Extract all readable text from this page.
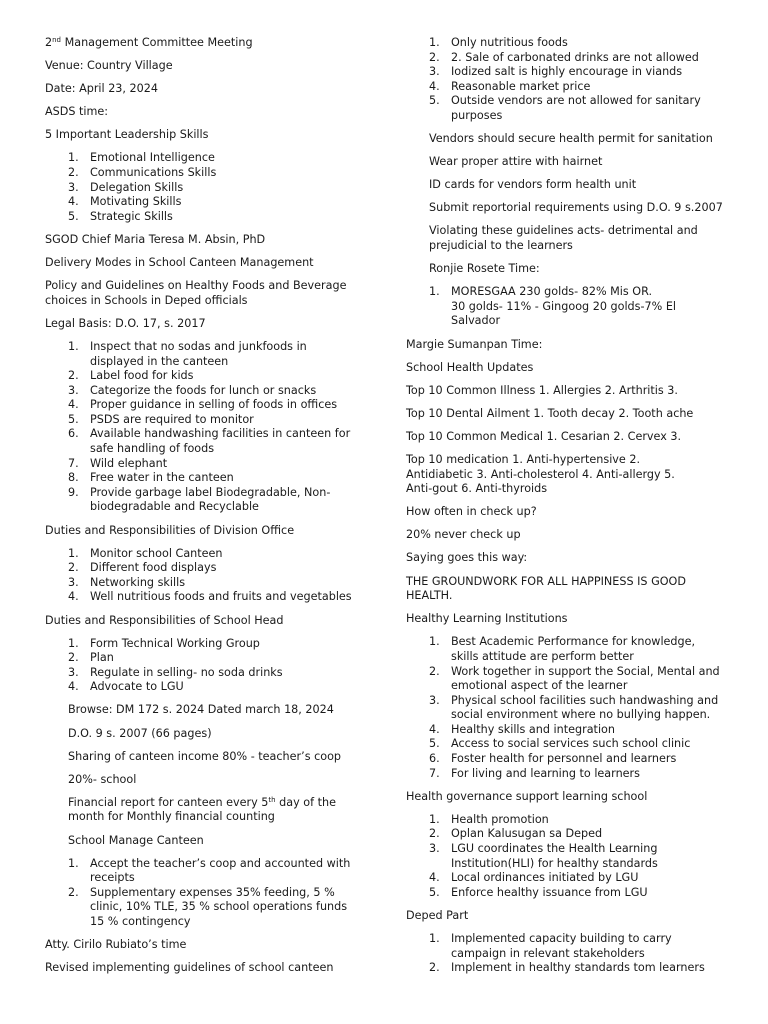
2nd Management Committee Meeting
Venue: Country Village
Date: April 23, 2024
ASDS time:
5 Important Leadership Skills
1. Emotional Intelligence
2. Communications Skills
3. Delegation Skills
4. Motivating Skills
5. Strategic Skills
SGOD Chief Maria Teresa M. Absin, PhD
Delivery Modes in School Canteen Management
Policy and Guidelines on Healthy Foods and Beverage
choices in Schools in Deped officials
Legal Basis: D.O. 17, s. 2017
1. Inspect that no sodas and junkfoods in
displayed in the canteen
2. Label food for kids
3. Categorize the foods for lunch or snacks
4. Proper guidance in selling of foods in offices
5. PSDS are required to monitor
6. Available handwashing facilities in canteen for
safe handling of foods
7. Wild elephant
8. Free water in the canteen
9. Provide garbage label Biodegradable, Non-
biodegradable and Recyclable
Duties and Responsibilities of Division Office
1. Monitor school Canteen
2. Different food displays
3. Networking skills
4. Well nutritious foods and fruits and vegetables
Duties and Responsibilities of School Head
1. Form Technical Working Group
2. Plan
3. Regulate in selling- no soda drinks
4. Advocate to LGU
Browse: DM 172 s. 2024 Dated march 18, 2024
D.O. 9 s. 2007 (66 pages)
Sharing of canteen income 80% - teacher’s coop
20%- school
Financial report for canteen every 5th day of the
month for Monthly financial counting
School Manage Canteen
1. Accept the teacher’s coop and accounted with
receipts
2. Supplementary expenses 35% feeding, 5 %
clinic, 10% TLE, 35 % school operations funds
15 % contingency
Atty. Cirilo Rubiato’s time
Revised implementing guidelines of school canteen
1. Only nutritious foods
2. 2. Sale of carbonated drinks are not allowed
3. Iodized salt is highly encourage in viands
4. Reasonable market price
5. Outside vendors are not allowed for sanitary
purposes
Vendors should secure health permit for sanitation
Wear proper attire with hairnet
ID cards for vendors form health unit
Submit reportorial requirements using D.O. 9 s.2007
Violating these guidelines acts- detrimental and
prejudicial to the learners
Ronjie Rosete Time:
1. MORESGAA 230 golds- 82% Mis OR.
30 golds- 11% - Gingoog 20 golds-7% El
Salvador
Margie Sumanpan Time:
School Health Updates
Top 10 Common Illness 1. Allergies 2. Arthritis 3.
Top 10 Dental Ailment 1. Tooth decay 2. Tooth ache
Top 10 Common Medical 1. Cesarian 2. Cervex 3.
Top 10 medication 1. Anti-hypertensive 2.
Antidiabetic 3. Anti-cholesterol 4. Anti-allergy 5.
Anti-gout 6. Anti-thyroids
How often in check up?
20% never check up
Saying goes this way:
THE GROUNDWORK FOR ALL HAPPINESS IS GOOD
HEALTH.
Healthy Learning Institutions
1. Best Academic Performance for knowledge,
skills attitude are perform better
2. Work together in support the Social, Mental and
emotional aspect of the learner
3. Physical school facilities such handwashing and
social environment where no bullying happen.
4. Healthy skills and integration
5. Access to social services such school clinic
6. Foster health for personnel and learners
7. For living and learning to learners
Health governance support learning school
1. Health promotion
2. Oplan Kalusugan sa Deped
3. LGU coordinates the Health Learning
Institution(HLI) for healthy standards
4. Local ordinances initiated by LGU
5. Enforce healthy issuance from LGU
Deped Part
1. Implemented capacity building to carry
campaign in relevant stakeholders
2. Implement in healthy standards tom learners
